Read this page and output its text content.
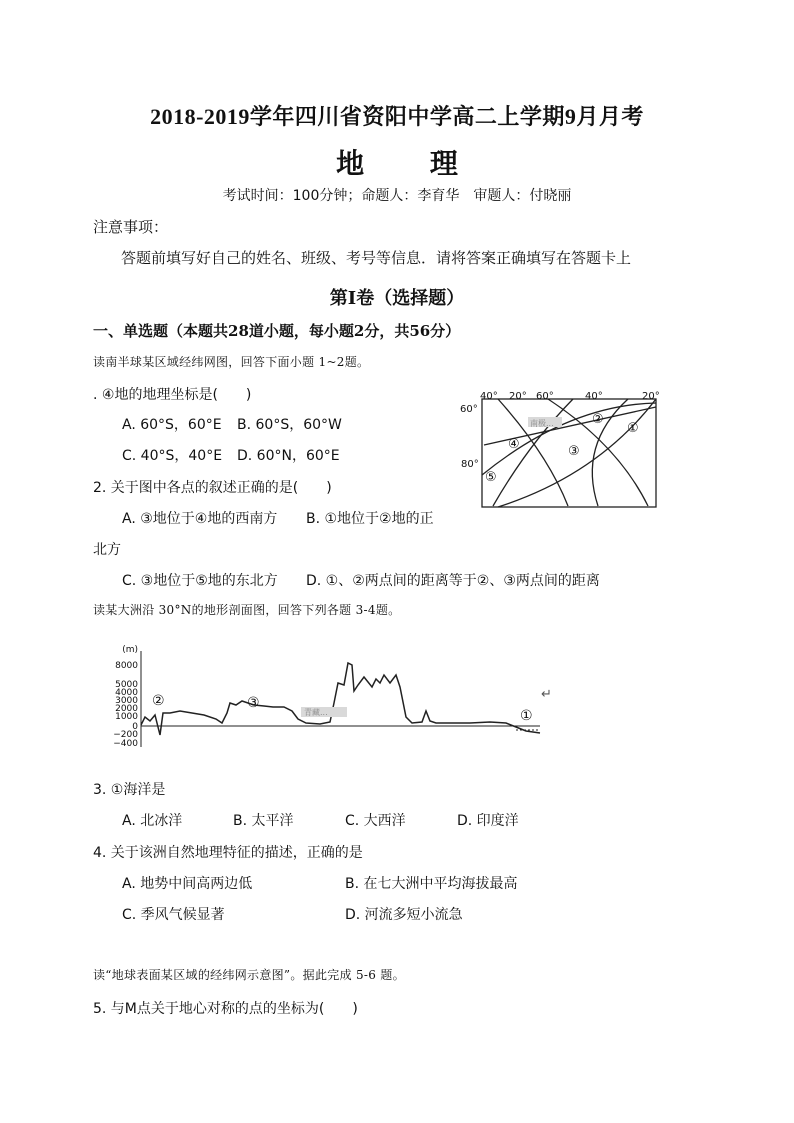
2018-2019学年四川省资阳中学高二上学期9月月考
地 理
考试时间：100分钟；命题人：李育华　审题人：付晓丽
注意事项：
答题前填写好自己的姓名、班级、考号等信息．请将答案正确填写在答题卡上
第I卷（选择题）
一、单选题（本题共28道小题，每小题2分，共56分）
读南半球某区域经纬网图，回答下面小题 1~2题。
. ④地的地理坐标是(　　)
A. 60°S，60°E B. 60°S，60°W
C. 40°S，40°E D. 60°N，60°E
2. 关于图中各点的叙述正确的是(　　)
A. ③地位于④地的西南方 B. ①地位于②地的正
北方
C. ③地位于⑤地的东北方 D. ①、②两点间的距离等于②、③两点间的距离
40° 20° 60°	40°	20°
60°
80°
南极...	①
②
③
④
⑤
读某大洲沿 30°N的地形剖面图，回答下列各题 3-4题。
(m)
8000
5000
4000
3000
2000
1000
0
−200
−400
青藏...
②	③
①
↵
3. ①海洋是
A. 北冰洋	B. 太平洋	C. 大西洋	D. 印度洋
4. 关于该洲自然地理特征的描述，正确的是
A. 地势中间高两边低	B. 在七大洲中平均海拔最高
C. 季风气候显著	D. 河流多短小流急
读“地球表面某区域的经纬网示意图”。据此完成 5-6 题。
5. 与M点关于地心对称的点的坐标为(　　)
